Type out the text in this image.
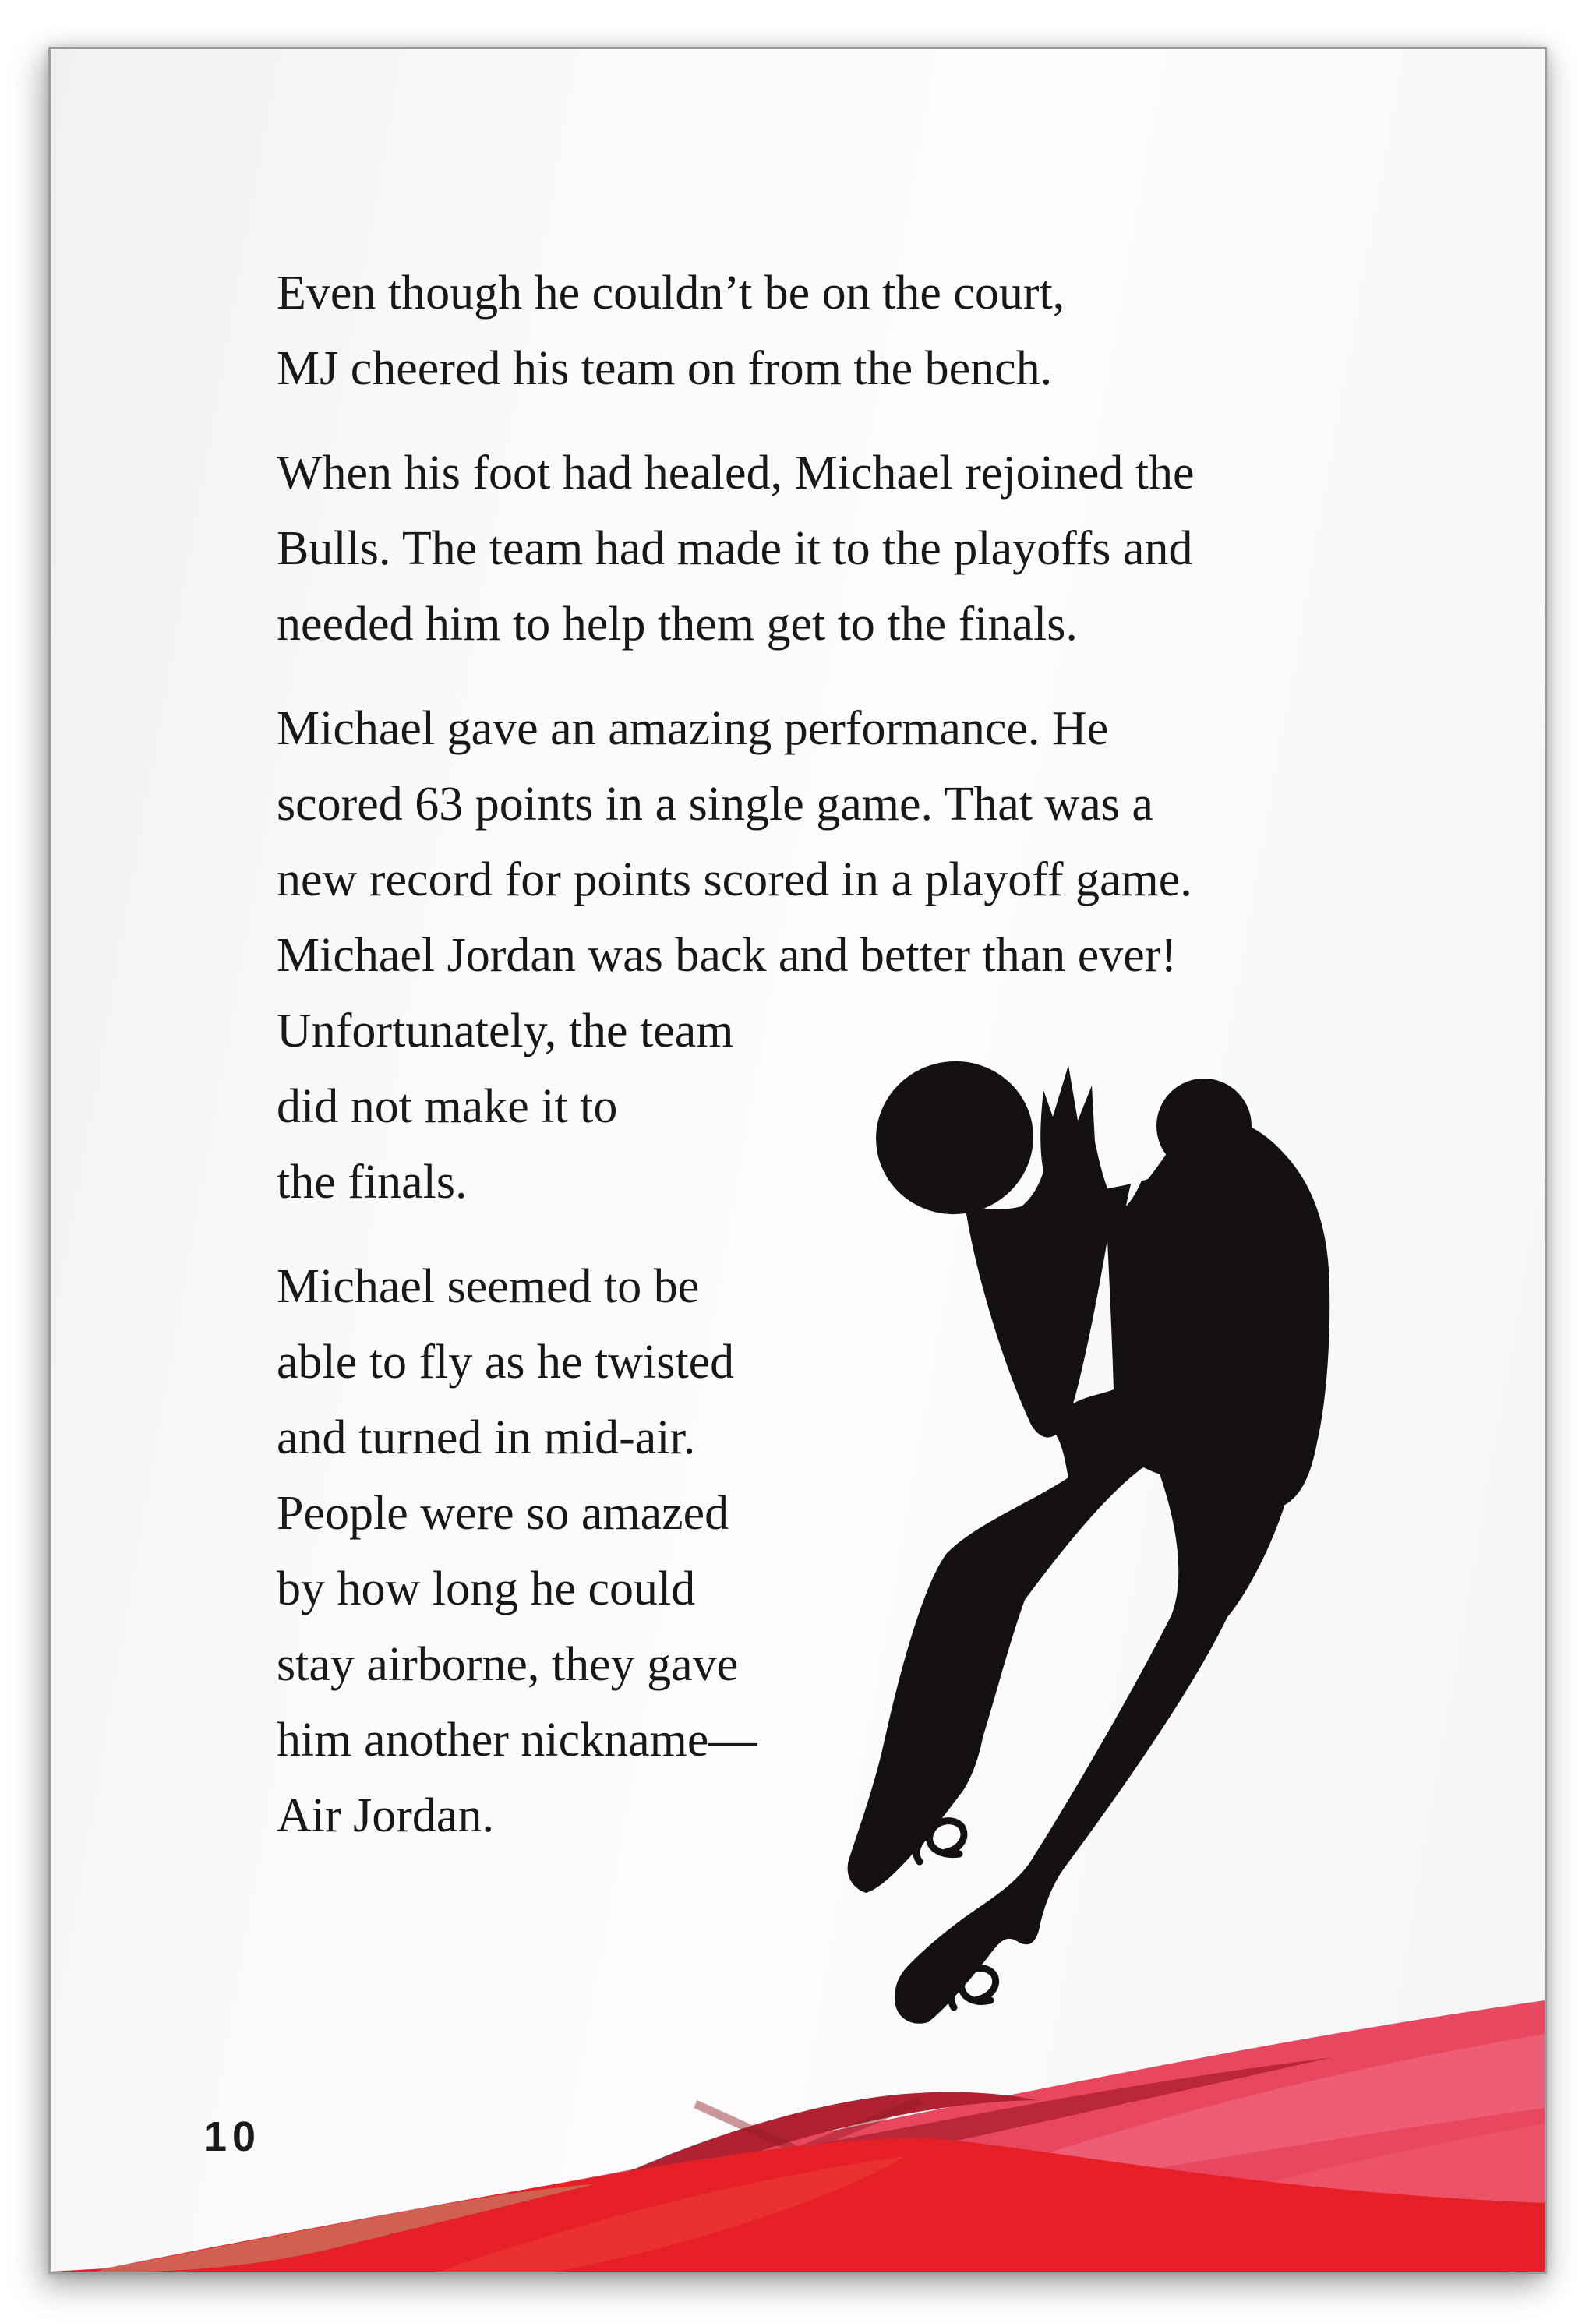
Even though he couldn’t be on the court,
MJ cheered his team on from the bench.
When his foot had healed, Michael rejoined the
Bulls. The team had made it to the playoffs and
needed him to help them get to the finals.
Michael gave an amazing performance. He
scored 63 points in a single game. That was a
new record for points scored in a playoff game.
Michael Jordan was back and better than ever!
Unfortunately, the team
did not make it to
the finals.
Michael seemed to be
able to fly as he twisted
and turned in mid-air.
People were so amazed
by how long he could
stay airborne, they gave
him another nickname—
Air Jordan.
10
